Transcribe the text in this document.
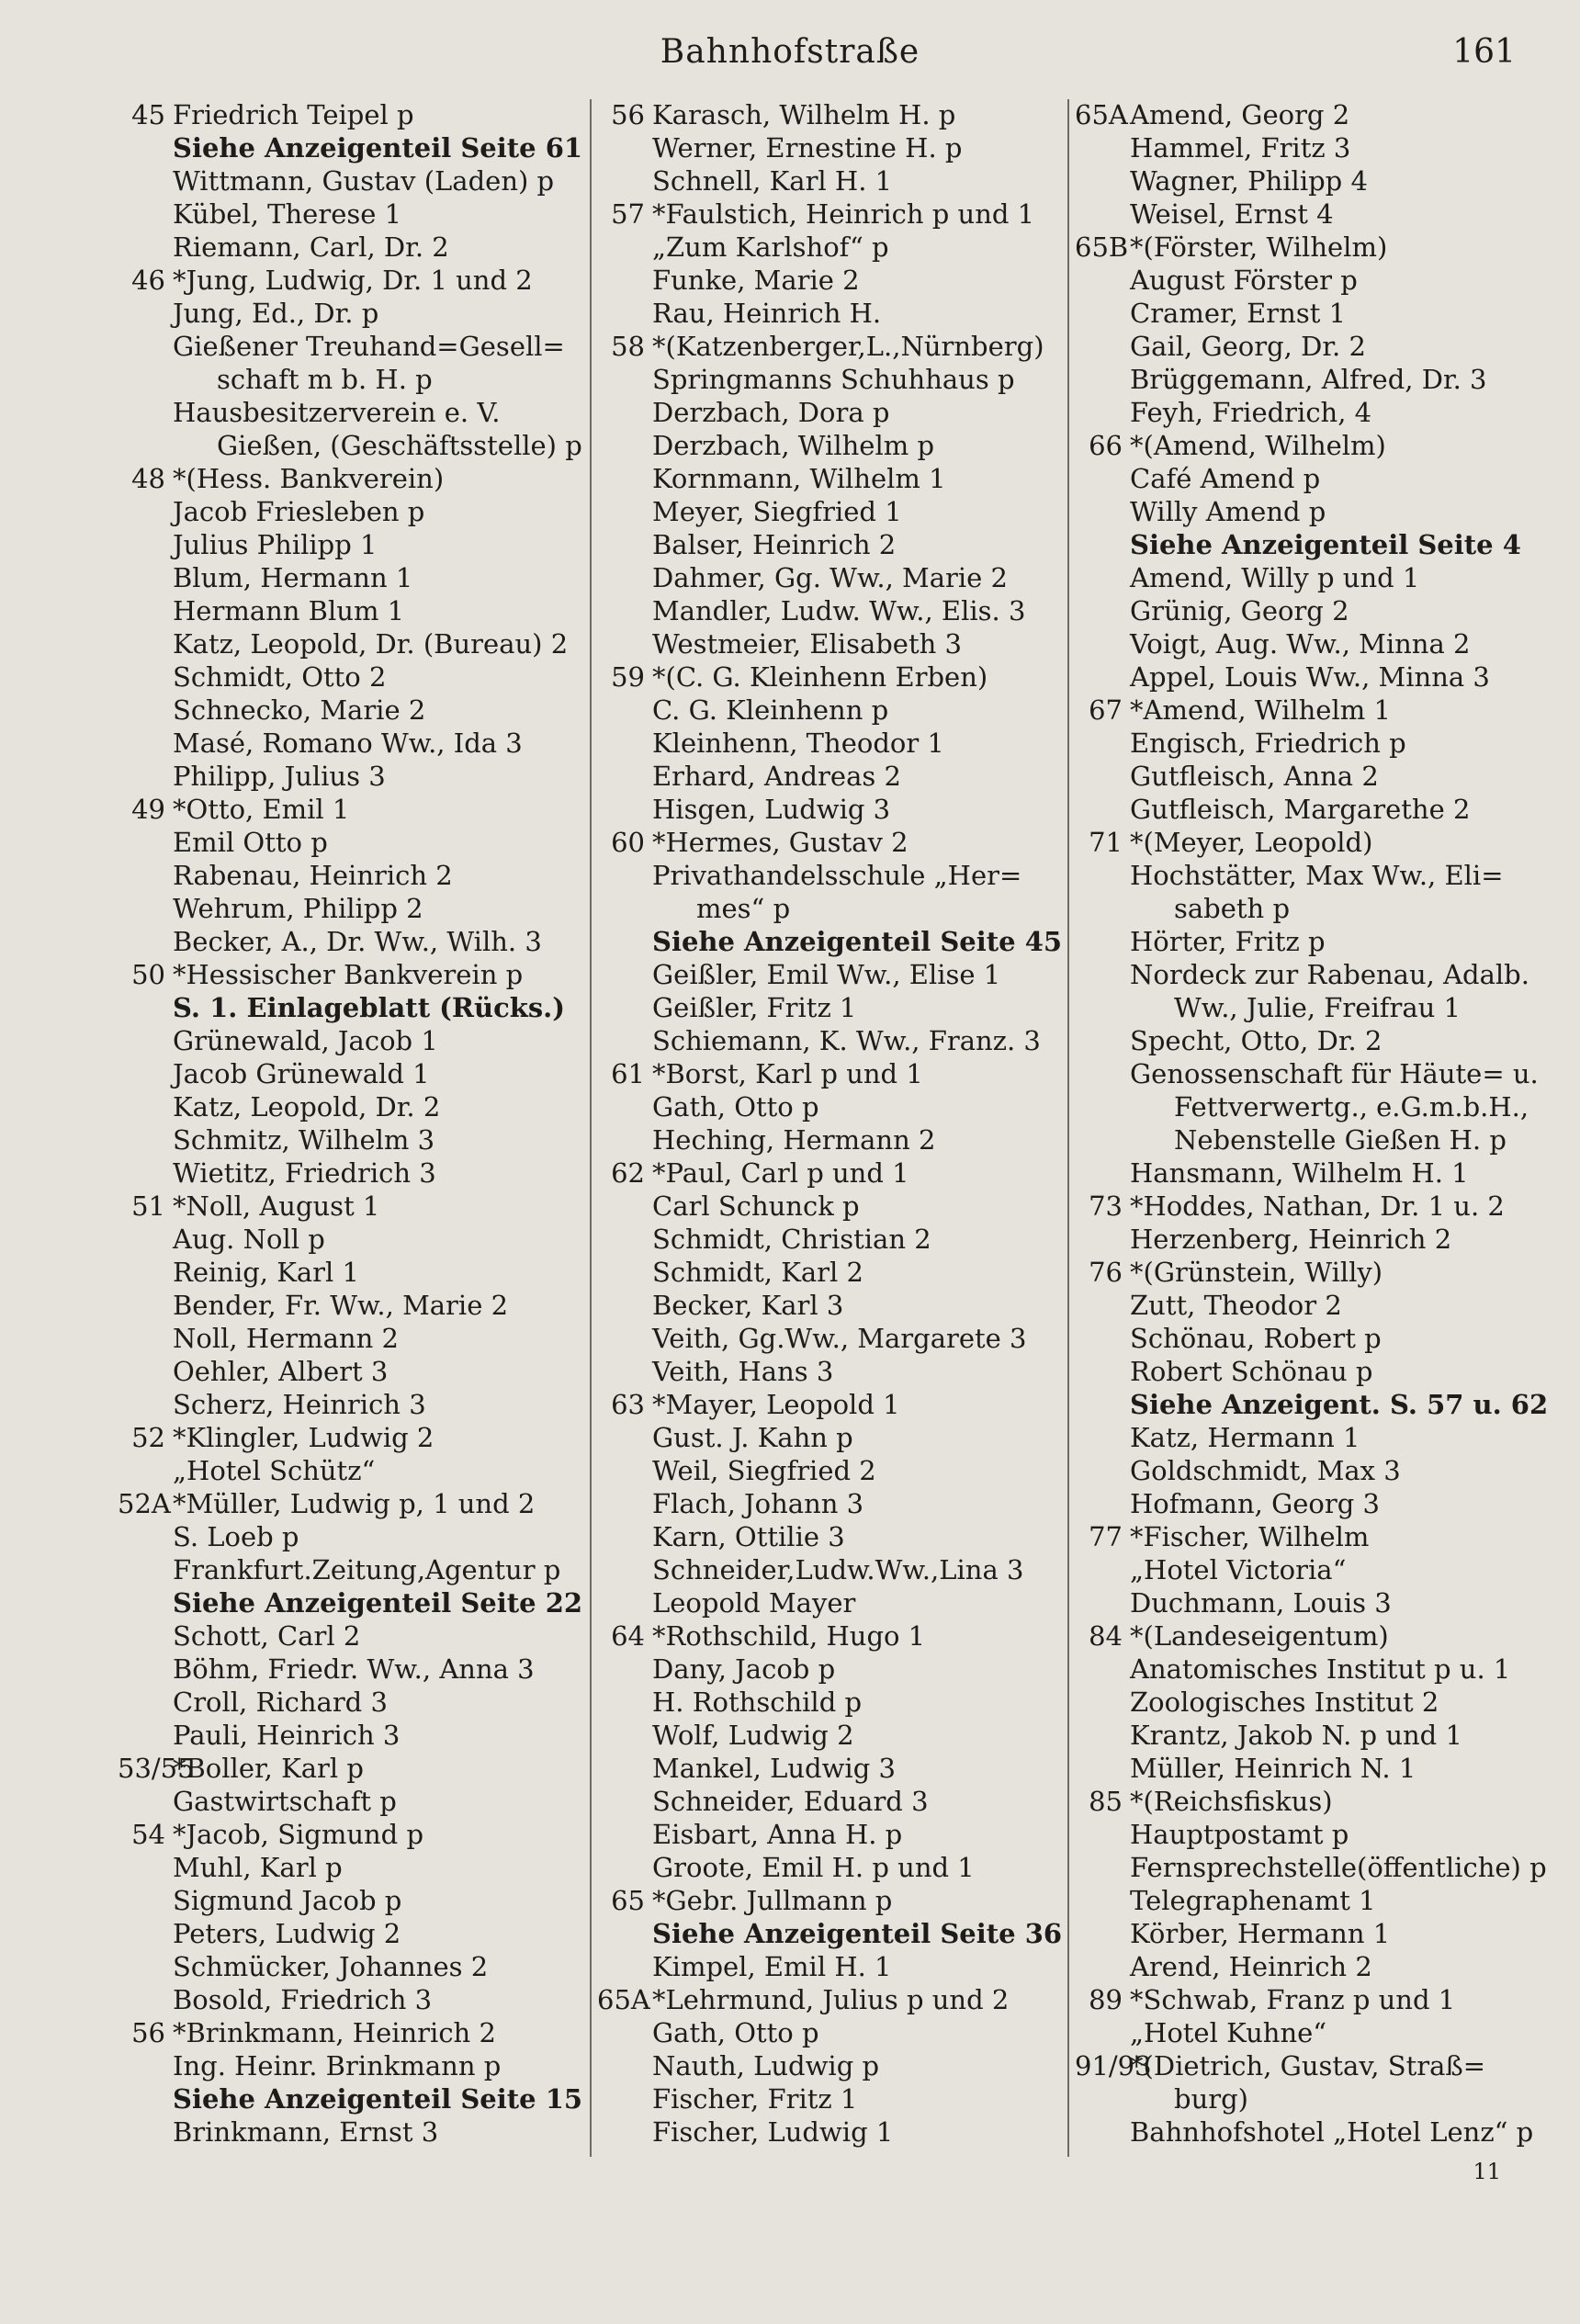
Bahnhofstraße	161
45 Friedrich Teipel p
Siehe Anzeigenteil Seite 61
Wittmann, Gustav (Laden) p
Kübel, Therese 1
Riemann, Carl, Dr. 2
46 *Jung, Ludwig, Dr. 1 und 2
Jung, Ed., Dr. p
Gießener Treuhand=Gesell=
schaft m b. H. p
Hausbesitzerverein e. V.
Gießen, (Geschäftsstelle) p
48 *(Hess. Bankverein)
Jacob Friesleben p
Julius Philipp 1
Blum, Hermann 1
Hermann Blum 1
Katz, Leopold, Dr. (Bureau) 2
Schmidt, Otto 2
Schnecko, Marie 2
Masé, Romano Ww., Ida 3
Philipp, Julius 3
49 *Otto, Emil 1
Emil Otto p
Rabenau, Heinrich 2
Wehrum, Philipp 2
Becker, A., Dr. Ww., Wilh. 3
50 *Hessischer Bankverein p
S. 1. Einlageblatt (Rücks.)
Grünewald, Jacob 1
Jacob Grünewald 1
Katz, Leopold, Dr. 2
Schmitz, Wilhelm 3
Wietitz, Friedrich 3
51 *Noll, August 1
Aug. Noll p
Reinig, Karl 1
Bender, Fr. Ww., Marie 2
Noll, Hermann 2
Oehler, Albert 3
Scherz, Heinrich 3
52 *Klingler, Ludwig 2
„Hotel Schütz“
52A *Müller, Ludwig p, 1 und 2
S. Loeb p
Frankfurt.Zeitung,Agentur p
Siehe Anzeigenteil Seite 22
Schott, Carl 2
Böhm, Friedr. Ww., Anna 3
Croll, Richard 3
Pauli, Heinrich 3
53/55
*Boller, Karl p
Gastwirtschaft p
54 *Jacob, Sigmund p
Muhl, Karl p
Sigmund Jacob p
Peters, Ludwig 2
Schmücker, Johannes 2
Bosold, Friedrich 3
56 *Brinkmann, Heinrich 2
Ing. Heinr. Brinkmann p
Siehe Anzeigenteil Seite 15
Brinkmann, Ernst 3
56 Karasch, Wilhelm H. p
Werner, Ernestine H. p
Schnell, Karl H. 1
57 *Faulstich, Heinrich p und 1
„Zum Karlshof“ p
Funke, Marie 2
Rau, Heinrich H.
58 *(Katzenberger,L.,Nürnberg)
Springmanns Schuhhaus p
Derzbach, Dora p
Derzbach, Wilhelm p
Kornmann, Wilhelm 1
Meyer, Siegfried 1
Balser, Heinrich 2
Dahmer, Gg. Ww., Marie 2
Mandler, Ludw. Ww., Elis. 3
Westmeier, Elisabeth 3
59 *(C. G. Kleinhenn Erben)
C. G. Kleinhenn p
Kleinhenn, Theodor 1
Erhard, Andreas 2
Hisgen, Ludwig 3
60 *Hermes, Gustav 2
Privathandelsschule „Her=
mes“ p
Siehe Anzeigenteil Seite 45
Geißler, Emil Ww., Elise 1
Geißler, Fritz 1
Schiemann, K. Ww., Franz. 3
61 *Borst, Karl p und 1
Gath, Otto p
Heching, Hermann 2
62 *Paul, Carl p und 1
Carl Schunck p
Schmidt, Christian 2
Schmidt, Karl 2
Becker, Karl 3
Veith, Gg.Ww., Margarete 3
Veith, Hans 3
63 *Mayer, Leopold 1
Gust. J. Kahn p
Weil, Siegfried 2
Flach, Johann 3
Karn, Ottilie 3
Schneider,Ludw.Ww.,Lina 3
Leopold Mayer
64 *Rothschild, Hugo 1
Dany, Jacob p
H. Rothschild p
Wolf, Ludwig 2
Mankel, Ludwig 3
Schneider, Eduard 3
Eisbart, Anna H. p
Groote, Emil H. p und 1
65 *Gebr. Jullmann p
Siehe Anzeigenteil Seite 36
Kimpel, Emil H. 1
65A *Lehrmund, Julius p und 2
Gath, Otto p
Nauth, Ludwig p
Fischer, Fritz 1
Fischer, Ludwig 1
65A Amend, Georg 2
Hammel, Fritz 3
Wagner, Philipp 4
Weisel, Ernst 4
65B *(Förster, Wilhelm)
August Förster p
Cramer, Ernst 1
Gail, Georg, Dr. 2
Brüggemann, Alfred, Dr. 3
Feyh, Friedrich, 4
66 *(Amend, Wilhelm)
Café Amend p
Willy Amend p
Siehe Anzeigenteil Seite 4
Amend, Willy p und 1
Grünig, Georg 2
Voigt, Aug. Ww., Minna 2
Appel, Louis Ww., Minna 3
67 *Amend, Wilhelm 1
Engisch, Friedrich p
Gutfleisch, Anna 2
Gutfleisch, Margarethe 2
71 *(Meyer, Leopold)
Hochstätter, Max Ww., Eli=
sabeth p
Hörter, Fritz p
Nordeck zur Rabenau, Adalb.
Ww., Julie, Freifrau 1
Specht, Otto, Dr. 2
Genossenschaft für Häute= u.
Fettverwertg., e.G.m.b.H.,
Nebenstelle Gießen H. p
Hansmann, Wilhelm H. 1
73 *Hoddes, Nathan, Dr. 1 u. 2
Herzenberg, Heinrich 2
76 *(Grünstein, Willy)
Zutt, Theodor 2
Schönau, Robert p
Robert Schönau p
Siehe Anzeigent. S. 57 u. 62
Katz, Hermann 1
Goldschmidt, Max 3
Hofmann, Georg 3
77 *Fischer, Wilhelm
„Hotel Victoria“
Duchmann, Louis 3
84 *(Landeseigentum)
Anatomisches Institut p u. 1
Zoologisches Institut 2
Krantz, Jakob N. p und 1
Müller, Heinrich N. 1
85 *(Reichsfiskus)
Hauptpostamt p
Fernsprechstelle(öffentliche) p
Telegraphenamt 1
Körber, Hermann 1
Arend, Heinrich 2
89 *Schwab, Franz p und 1
„Hotel Kuhne“
91/93
*(Dietrich, Gustav, Straß=
burg)
Bahnhofshotel „Hotel Lenz“ p
11
